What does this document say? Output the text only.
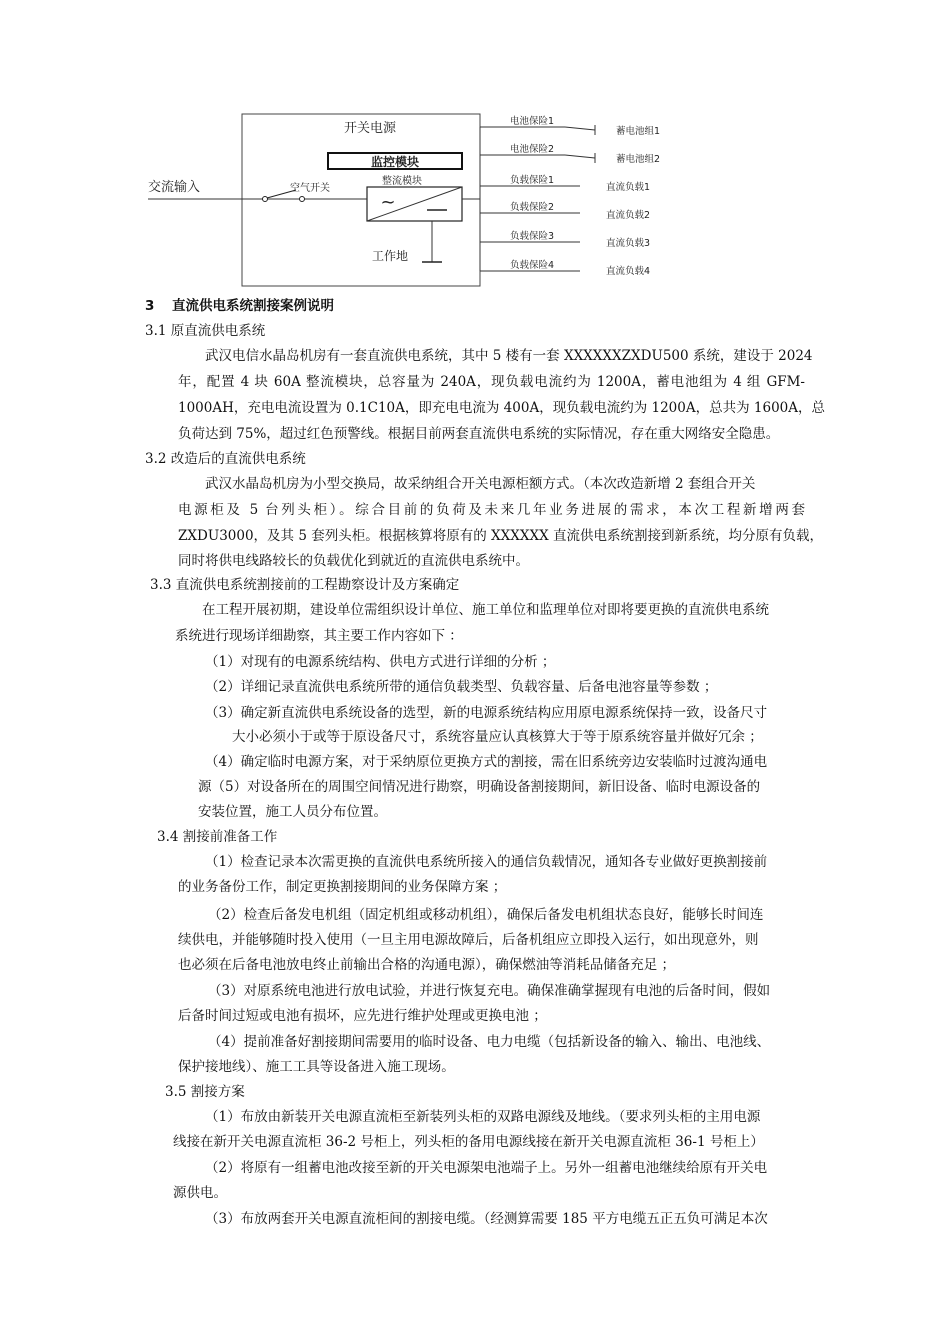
开关电源
监控模块
整流模块
~
交流输入	空气开关
工作地
电池保险1
蓄电池组1
电池保险2
蓄电池组2
负载保险1
直流负载1
负载保险2
直流负载2
负载保险3
直流负载3
负载保险4
直流负载4
3 直流供电系统割接案例说明
3.1 原直流供电系统
武汉电信水晶岛机房有一套直流供电系统，其中 5 楼有一套 XXXXXXZXDU500 系统，建设于 2024
年，配置 4 块 60A 整流模块，总容量为 240A，现负载电流约为 1200A，蓄电池组为 4 组 GFM-
1000AH，充电电流设置为 0.1C10A，即充电电流为 400A，现负载电流约为 1200A，总共为 1600A，总
负荷达到 75%，超过红色预警线。根据目前两套直流供电系统的实际情况，存在重大网络安全隐患。
3.2 改造后的直流供电系统
武汉水晶岛机房为小型交换局，故采纳组合开关电源柜额方式。（本次改造新增 2 套组合开关
电源柜及 5 台列头柜）。综合目前的负荷及未来几年业务进展的需求，本次工程新增两套
ZXDU3000，及其 5 套列头柜。根据核算将原有的 XXXXXX 直流供电系统割接到新系统，均分原有负载，
同时将供电线路较长的负载优化到就近的直流供电系统中。
3.3 直流供电系统割接前的工程勘察设计及方案确定
在工程开展初期，建设单位需组织设计单位、施工单位和监理单位对即将要更换的直流供电系统
系统进行现场详细勘察，其主要工作内容如下 ：
（1）对现有的电源系统结构、供电方式进行详细的分析 ；
（2）详细记录直流供电系统所带的通信负载类型、负载容量、后备电池容量等参数 ；
（3）确定新直流供电系统设备的选型，新的电源系统结构应用原电源系统保持一致，设备尺寸
大小必须小于或等于原设备尺寸，系统容量应认真核算大于等于原系统容量并做好冗余 ；
（4）确定临时电源方案，对于采纳原位更换方式的割接，需在旧系统旁边安装临时过渡沟通电
源（5）对设备所在的周围空间情况进行勘察，明确设备割接期间，新旧设备、临时电源设备的
安装位置，施工人员分布位置。
3.4 割接前准备工作
（1）检查记录本次需更换的直流供电系统所接入的通信负载情况，通知各专业做好更换割接前
的业务备份工作，制定更换割接期间的业务保障方案 ；
（2）检查后备发电机组（固定机组或移动机组），确保后备发电机组状态良好，能够长时间连
续供电，并能够随时投入使用（一旦主用电源故障后，后备机组应立即投入运行，如出现意外，则
也必须在后备电池放电终止前输出合格的沟通电源），确保燃油等消耗品储备充足 ；
（3）对原系统电池进行放电试验，并进行恢复充电。确保准确掌握现有电池的后备时间，假如
后备时间过短或电池有损坏，应先进行维护处理或更换电池 ；
（4）提前准备好割接期间需要用的临时设备、电力电缆（包括新设备的输入、输出、电池线、
保护接地线）、施工工具等设备进入施工现场。
3.5 割接方案
（1）布放由新装开关电源直流柜至新装列头柜的双路电源线及地线。（要求列头柜的主用电源
线接在新开关电源直流柜 36-2 号柜上，列头柜的备用电源线接在新开关电源直流柜 36-1 号柜上）
（2）将原有一组蓄电池改接至新的开关电源架电池端子上。另外一组蓄电池继续给原有开关电
源供电。
（3）布放两套开关电源直流柜间的割接电缆。（经测算需要 185 平方电缆五正五负可满足本次
